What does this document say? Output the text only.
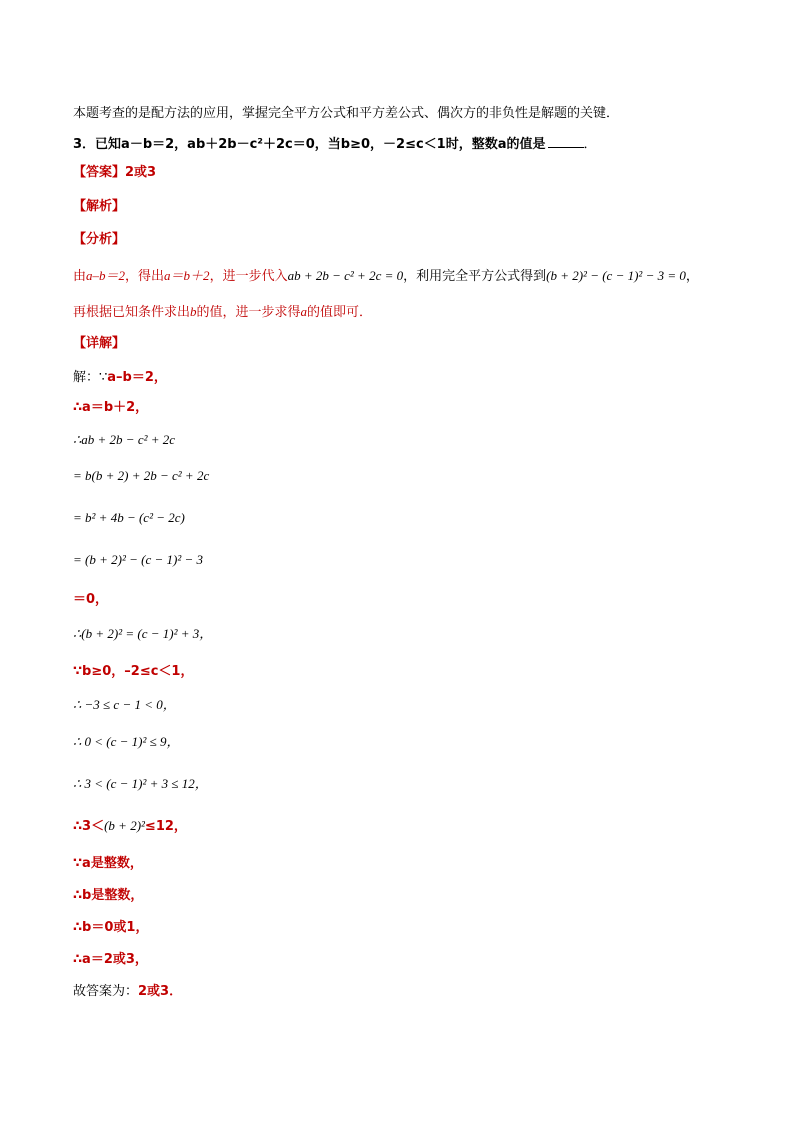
本题考查的是配方法的应用，掌握完全平方公式和平方差公式、偶次方的非负性是解题的关键．
3．已知a－b＝2，ab＋2b－c²＋2c＝0，当b≥0，－2≤c＜1时，整数a的值是	．
【答案】2或3
【解析】
【分析】
由a–b＝2，得出a＝b＋2，进一步代入ab + 2b − c² + 2c = 0，利用完全平方公式得到(b + 2)² − (c − 1)² − 3 = 0，
再根据已知条件求出b的值，进一步求得a的值即可．
【详解】
解：∵a–b＝2，
∴a＝b＋2，
∴ab + 2b − c² + 2c
= b(b + 2) + 2b − c² + 2c
= b² + 4b − (c² − 2c)
= (b + 2)² − (c − 1)² − 3
＝0，
∴(b + 2)² = (c − 1)² + 3，
∵b≥0，–2≤c＜1，
∴ −3 ≤ c − 1 < 0，
∴ 0 < (c − 1)² ≤ 9，
∴ 3 < (c − 1)² + 3 ≤ 12，
∴3＜(b + 2)²≤12，
∵a是整数，
∴b是整数，
∴b＝0或1，
∴a＝2或3，
故答案为：2或3．
